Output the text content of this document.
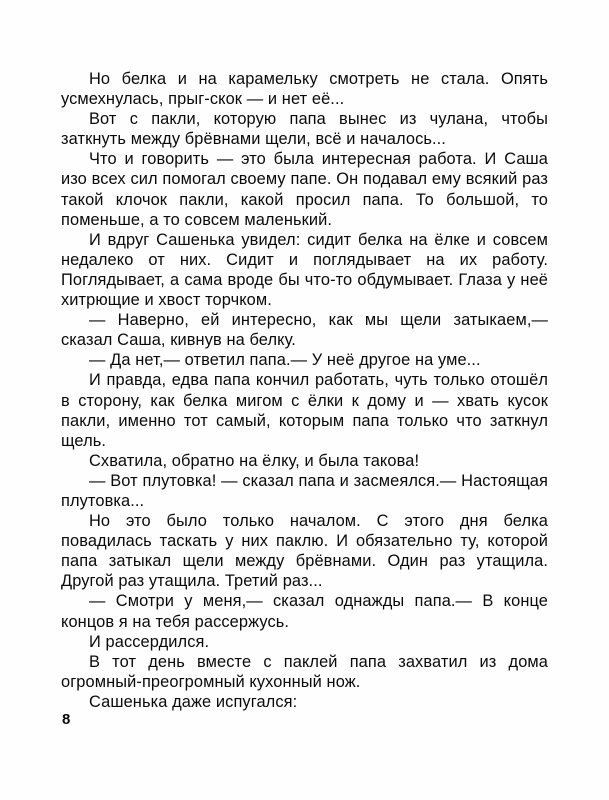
Но белка и на карамельку смотреть не стала. Опять усмехнулась, прыг-скок — и нет её...

Вот с пакли, которую папа вынес из чулана, чтобы заткнуть между брёвнами щели, всё и началось...

Что и говорить — это была интересная работа. И Саша изо всех сил помогал своему папе. Он подавал ему всякий раз такой клочок пакли, какой просил папа. То большой, то поменьше, а то совсем маленький.

И вдруг Сашенька увидел: сидит белка на ёлке и совсем недалеко от них. Сидит и поглядывает на их работу. Поглядывает, а сама вроде бы что-то обдумывает. Глаза у неё хитрющие и хвост торчком.

— Наверно, ей интересно, как мы щели затыкаем,— сказал Саша, кивнув на белку.

— Да нет,— ответил папа.— У неё другое на уме...

И правда, едва папа кончил работать, чуть только отошёл в сторону, как белка мигом с ёлки к дому и — хвать кусок пакли, именно тот самый, которым папа только что заткнул щель.

Схватила, обратно на ёлку, и была такова!

— Вот плутовка! — сказал папа и засмеялся.— Настоящая плутовка...

Но это было только началом. С этого дня белка повадилась таскать у них паклю. И обязательно ту, которой папа затыкал щели между брёвнами. Один раз утащила. Другой раз утащила. Третий раз...

— Смотри у меня,— сказал однажды папа.— В конце концов я на тебя рассержусь.

И рассердился.

В тот день вместе с паклей папа захватил из дома огромный-преогромный кухонный нож.

Сашенька даже испугался:

8
